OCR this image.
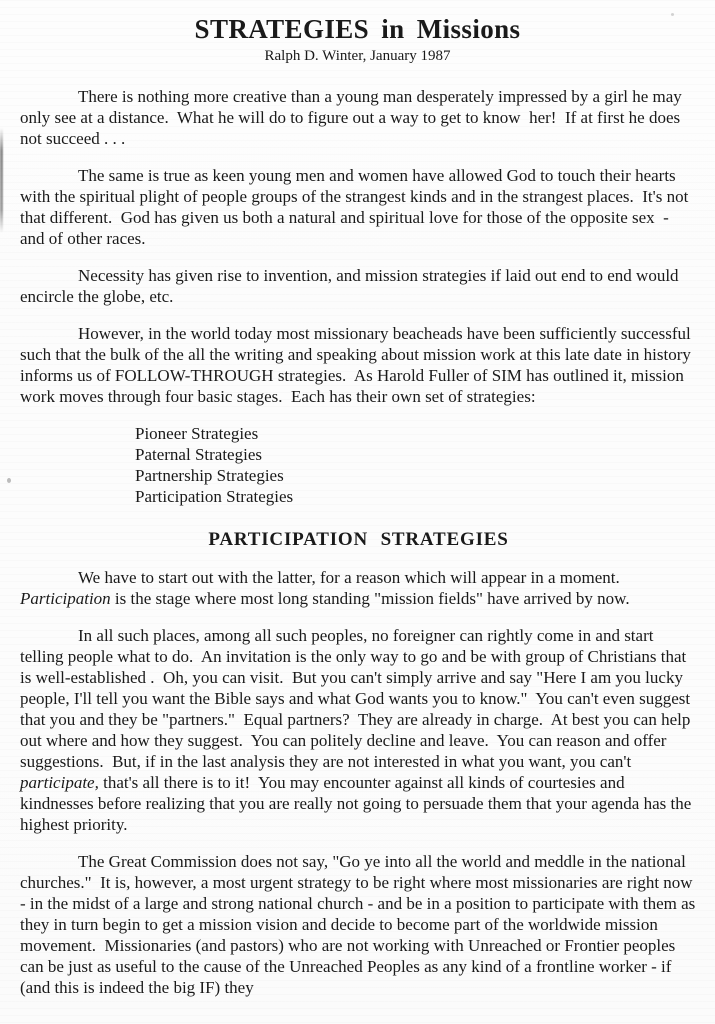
STRATEGIES in Missions
Ralph D. Winter, January 1987

There is nothing more creative than a young man desperately impressed by a girl he may only see at a distance.  What he will do to figure out a way to get to know  her!  If at first he does not succeed . . .

The same is true as keen young men and women have allowed God to touch their hearts with the spiritual plight of people groups of the strangest kinds and in the strangest places.  It's not that different.  God has given us both a natural and spiritual love for those of the opposite sex  - and of other races.

Necessity has given rise to invention, and mission strategies if laid out end to end would encircle the globe, etc.

However, in the world today most missionary beacheads have been sufficiently successful such that the bulk of the all the writing and speaking about mission work at this late date in history informs us of FOLLOW-THROUGH strategies.  As Harold Fuller of SIM has outlined it, mission work moves through four basic stages.  Each has their own set of strategies:

Pioneer Strategies
Paternal Strategies
Partnership Strategies
Participation Strategies
PARTICIPATION STRATEGIES

We have to start out with the latter, for a reason which will appear in a moment. Participation is the stage where most long standing "mission fields" have arrived by now.

In all such places, among all such peoples, no foreigner can rightly come in and start telling people what to do.  An invitation is the only way to go and be with group of Christians that is well-established .  Oh, you can visit.  But you can't simply arrive and say "Here I am you lucky people, I'll tell you want the Bible says and what God wants you to know."  You can't even suggest that you and they be "partners."  Equal partners?  They are already in charge.  At best you can help out where and how they suggest.  You can politely decline and leave.  You can reason and offer suggestions.  But, if in the last analysis they are not interested in what you want, you can't participate, that's all there is to it!  You may encounter against all kinds of courtesies and kindnesses before realizing that you are really not going to persuade them that your agenda has the highest priority.

The Great Commission does not say, "Go ye into all the world and meddle in the national churches."  It is, however, a most urgent strategy to be right where most missionaries are right now - in the midst of a large and strong national church - and be in a position to participate with them as they in turn begin to get a mission vision and decide to become part of the worldwide mission movement.  Missionaries (and pastors) who are not working with Unreached or Frontier peoples can be just as useful to the cause of the Unreached Peoples as any kind of a frontline worker - if (and this is indeed the big IF) they
